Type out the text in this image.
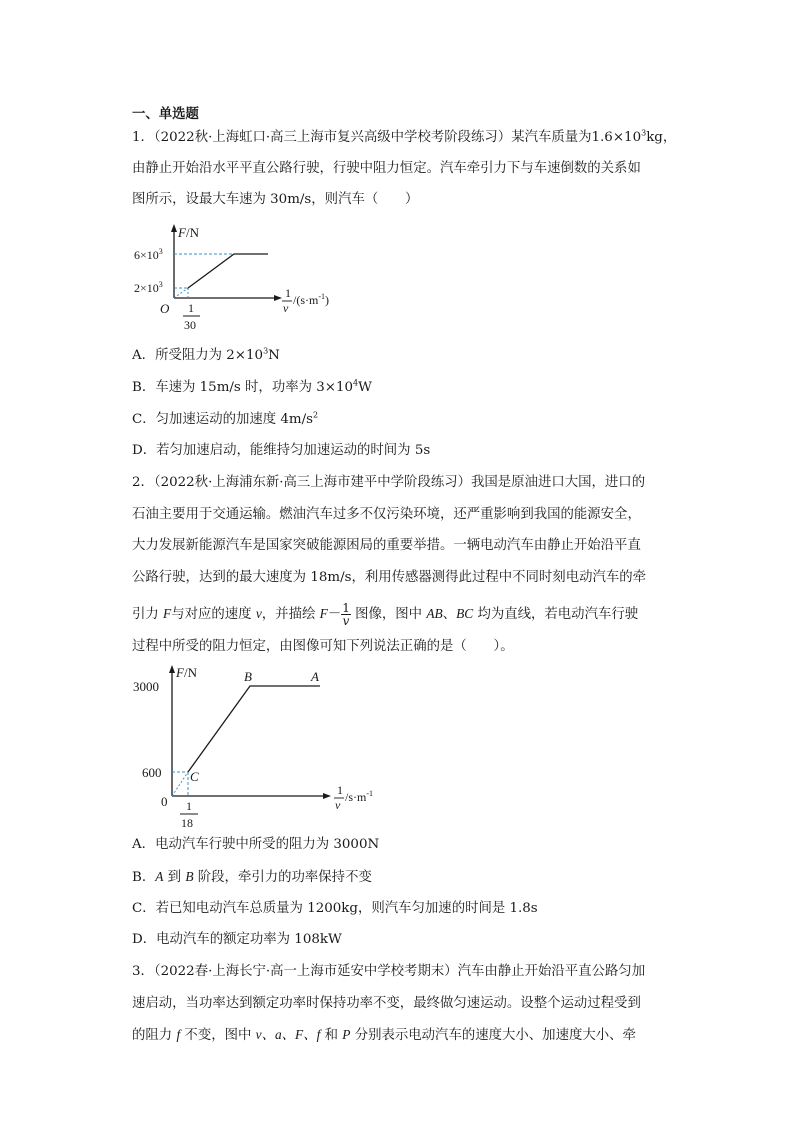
一、单选题
1．（2022秋·上海虹口·高三上海市复兴高级中学校考阶段练习）某汽车质量为$1.6\times 10^3kg$，
由静止开始沿水平平直公路行驶，行驶中阻力恒定。汽车牵引力下与车速倒数的关系如
图所示，设最大车速为 30m/s，则汽车（　　）
F/N
$6\times 10^3$
$2\times 10^3$
O 1
30
1
v
$/(s\cdot m^{-1})$
A．所受阻力为 $2\times 10^3N$
B．车速为 15m/s 时，功率为 $3\times 10^4W$
C．匀加速运动的加速度 $4m/s^2$
D．若匀加速启动，能维持匀加速运动的时间为 5s
2．（2022秋·上海浦东新·高三上海市建平中学阶段练习）我国是原油进口大国，进口的
石油主要用于交通运输。燃油汽车过多不仅污染环境，还严重影响到我国的能源安全，
大力发展新能源汽车是国家突破能源困局的重要举措。一辆电动汽车由静止开始沿平直
公路行驶，达到的最大速度为 18m/s，利用传感器测得此过程中不同时刻电动汽车的牵
引力 F与对应的速度 v，并描绘 $F- \frac{1}{v}$ 图像，图中 AB、BC 均为直线，若电动汽车行驶
过程中所受的阻力恒定，由图像可知下列说法正确的是（　　）。
F/N
3000
600
0
B	A
C
1
18
1
v
$/s\cdot m^{-1}$
A．电动汽车行驶中所受的阻力为 3000N
B．A 到 B 阶段，牵引力的功率保持不变
C．若已知电动汽车总质量为 1200kg，则汽车匀加速的时间是 1.8s
D．电动汽车的额定功率为 108kW
3．（2022春·上海长宁·高一上海市延安中学校考期末）汽车由静止开始沿平直公路匀加
速启动，当功率达到额定功率时保持功率不变，最终做匀速运动。设整个运动过程受到
的阻力 f 不变，图中 v、a、F、f 和 P 分别表示电动汽车的速度大小、加速度大小、牵
